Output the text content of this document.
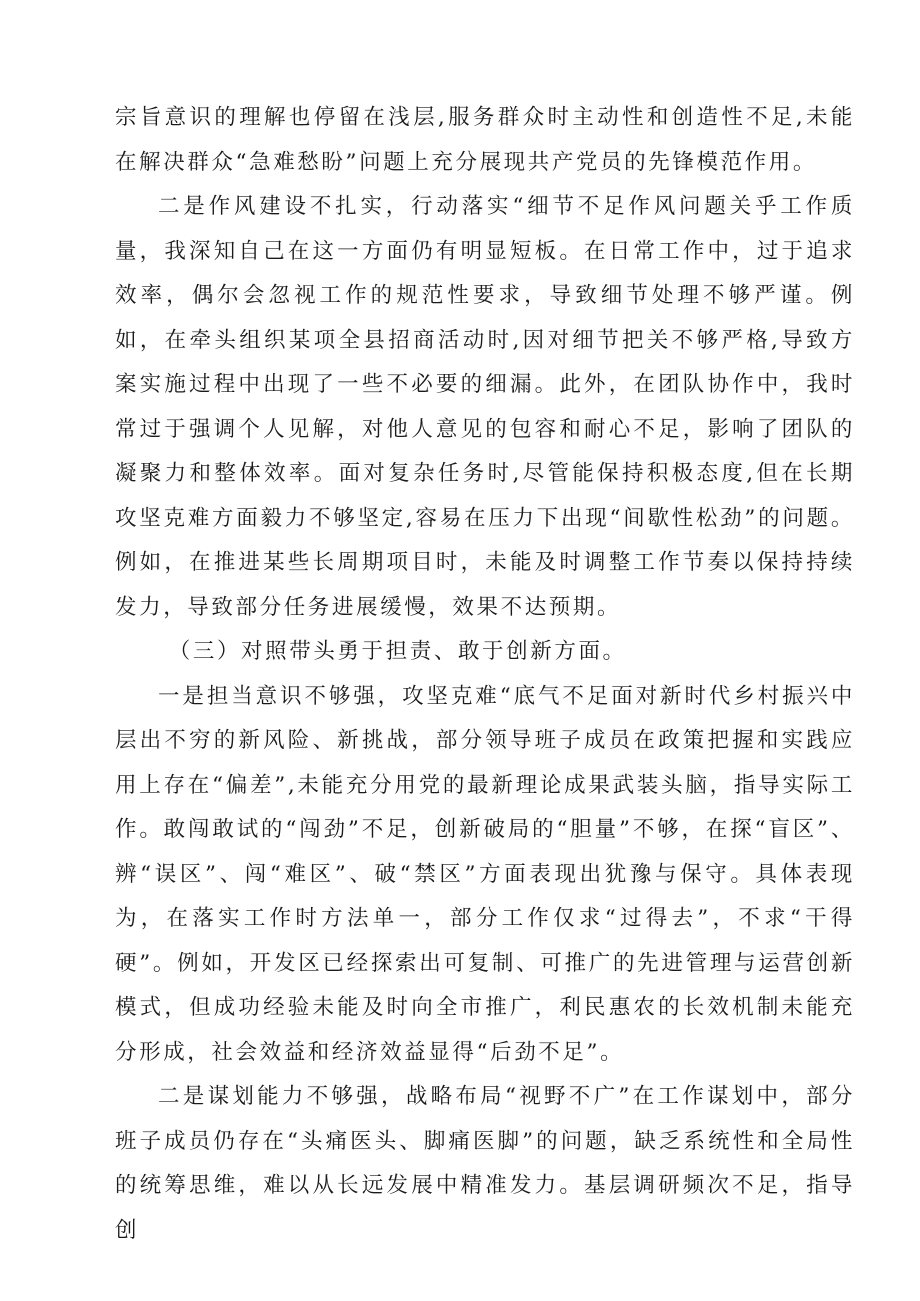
宗旨意识的理解也停留在浅层,服务群众时主动性和创造性不足,未能在解决群众“急难愁盼”问题上充分展现共产党员的先锋模范作用。

二是作风建设不扎实，行动落实“细节不足作风问题关乎工作质量，我深知自己在这一方面仍有明显短板。在日常工作中，过于追求效率，偶尔会忽视工作的规范性要求，导致细节处理不够严谨。例如，在牵头组织某项全县招商活动时,因对细节把关不够严格,导致方案实施过程中出现了一些不必要的细漏。此外，在团队协作中，我时常过于强调个人见解，对他人意见的包容和耐心不足，影响了团队的凝聚力和整体效率。面对复杂任务时,尽管能保持积极态度,但在长期攻坚克难方面毅力不够坚定,容易在压力下出现“间歇性松劲”的问题。例如，在推进某些长周期项目时，未能及时调整工作节奏以保持持续发力，导致部分任务进展缓慢，效果不达预期。

（三）对照带头勇于担责、敢于创新方面。

一是担当意识不够强，攻坚克难“底气不足面对新时代乡村振兴中层出不穷的新风险、新挑战，部分领导班子成员在政策把握和实践应用上存在“偏差”,未能充分用党的最新理论成果武装头脑，指导实际工作。敢闯敢试的“闯劲”不足，创新破局的“胆量”不够，在探“盲区”、辨“误区”、闯“难区”、破“禁区”方面表现出犹豫与保守。具体表现为，在落实工作时方法单一，部分工作仅求“过得去”，不求“干得硬”。例如，开发区已经探索出可复制、可推广的先进管理与运营创新模式，但成功经验未能及时向全市推广，利民惠农的长效机制未能充分形成，社会效益和经济效益显得“后劲不足”。

二是谋划能力不够强，战略布局“视野不广”在工作谋划中，部分班子成员仍存在“头痛医头、脚痛医脚”的问题，缺乏系统性和全局性的统筹思维，难以从长远发展中精准发力。基层调研频次不足，指导创
